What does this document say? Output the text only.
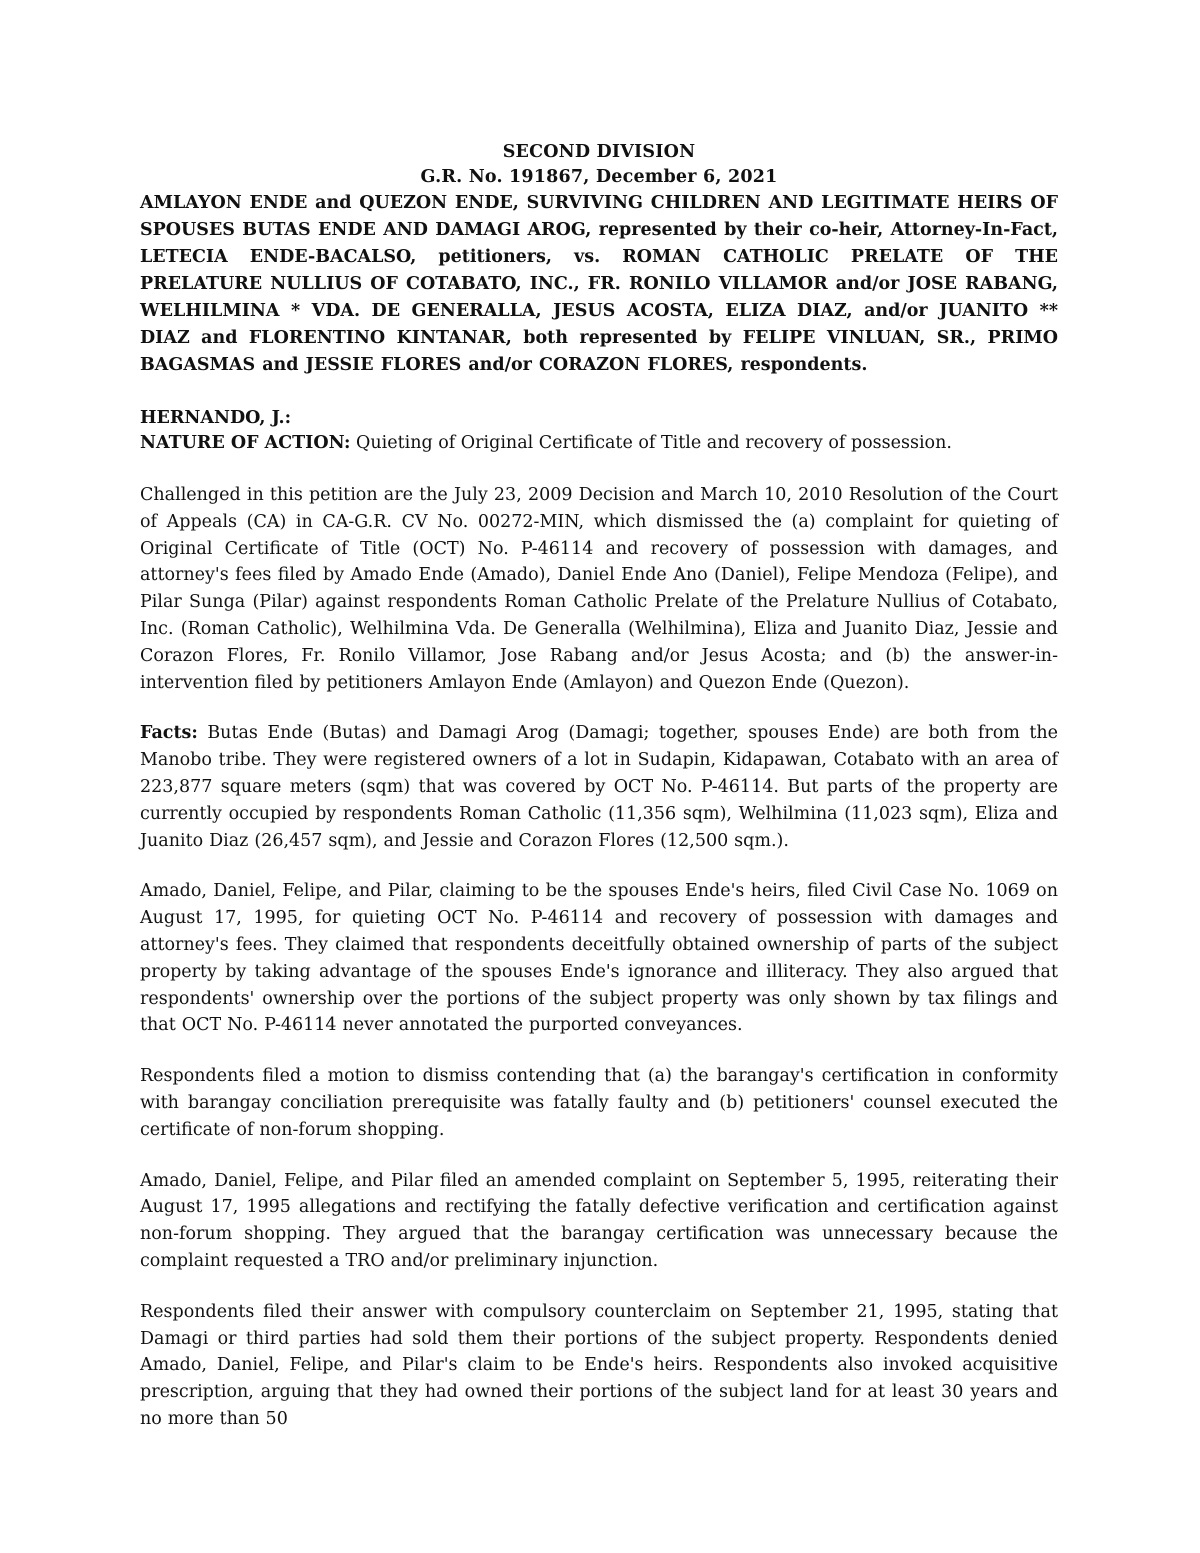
SECOND DIVISION
G.R. No. 191867, December 6, 2021

AMLAYON ENDE and QUEZON ENDE, SURVIVING CHILDREN AND LEGITIMATE HEIRS OF SPOUSES BUTAS ENDE AND DAMAGI AROG, represented by their co-heir, Attorney-In-Fact, LETECIA ENDE-BACALSO, petitioners, vs. ROMAN CATHOLIC PRELATE OF THE PRELATURE NULLIUS OF COTABATO, INC., FR. RONILO VILLAMOR and/or JOSE RABANG, WELHILMINA * VDA. DE GENERALLA, JESUS ACOSTA, ELIZA DIAZ, and/or JUANITO ** DIAZ and FLORENTINO KINTANAR, both represented by FELIPE VINLUAN, SR., PRIMO BAGASMAS and JESSIE FLORES and/or CORAZON FLORES, respondents.

HERNANDO, J.:
NATURE OF ACTION: Quieting of Original Certificate of Title and recovery of possession.

Challenged in this petition are the July 23, 2009 Decision and March 10, 2010 Resolution of the Court of Appeals (CA) in CA-G.R. CV No. 00272-MIN, which dismissed the (a) complaint for quieting of Original Certificate of Title (OCT) No. P-46114 and recovery of possession with damages, and attorney's fees filed by Amado Ende (Amado), Daniel Ende Ano (Daniel), Felipe Mendoza (Felipe), and Pilar Sunga (Pilar) against respondents Roman Catholic Prelate of the Prelature Nullius of Cotabato, Inc. (Roman Catholic), Welhilmina Vda. De Generalla (Welhilmina), Eliza and Juanito Diaz, Jessie and Corazon Flores, Fr. Ronilo Villamor, Jose Rabang and/or Jesus Acosta; and (b) the answer-in-intervention filed by petitioners Amlayon Ende (Amlayon) and Quezon Ende (Quezon).

Facts: Butas Ende (Butas) and Damagi Arog (Damagi; together, spouses Ende) are both from the Manobo tribe. They were registered owners of a lot in Sudapin, Kidapawan, Cotabato with an area of 223,877 square meters (sqm) that was covered by OCT No. P-46114. But parts of the property are currently occupied by respondents Roman Catholic (11,356 sqm), Welhilmina (11,023 sqm), Eliza and Juanito Diaz (26,457 sqm), and Jessie and Corazon Flores (12,500 sqm.).

Amado, Daniel, Felipe, and Pilar, claiming to be the spouses Ende's heirs, filed Civil Case No. 1069 on August 17, 1995, for quieting OCT No. P-46114 and recovery of possession with damages and attorney's fees. They claimed that respondents deceitfully obtained ownership of parts of the subject property by taking advantage of the spouses Ende's ignorance and illiteracy. They also argued that respondents' ownership over the portions of the subject property was only shown by tax filings and that OCT No. P-46114 never annotated the purported conveyances.

Respondents filed a motion to dismiss contending that (a) the barangay's certification in conformity with barangay conciliation prerequisite was fatally faulty and (b) petitioners' counsel executed the certificate of non-forum shopping.

Amado, Daniel, Felipe, and Pilar filed an amended complaint on September 5, 1995, reiterating their August 17, 1995 allegations and rectifying the fatally defective verification and certification against non-forum shopping. They argued that the barangay certification was unnecessary because the complaint requested a TRO and/or preliminary injunction.

Respondents filed their answer with compulsory counterclaim on September 21, 1995, stating that Damagi or third parties had sold them their portions of the subject property. Respondents denied Amado, Daniel, Felipe, and Pilar's claim to be Ende's heirs. Respondents also invoked acquisitive prescription, arguing that they had owned their portions of the subject land for at least 30 years and no more than 50
